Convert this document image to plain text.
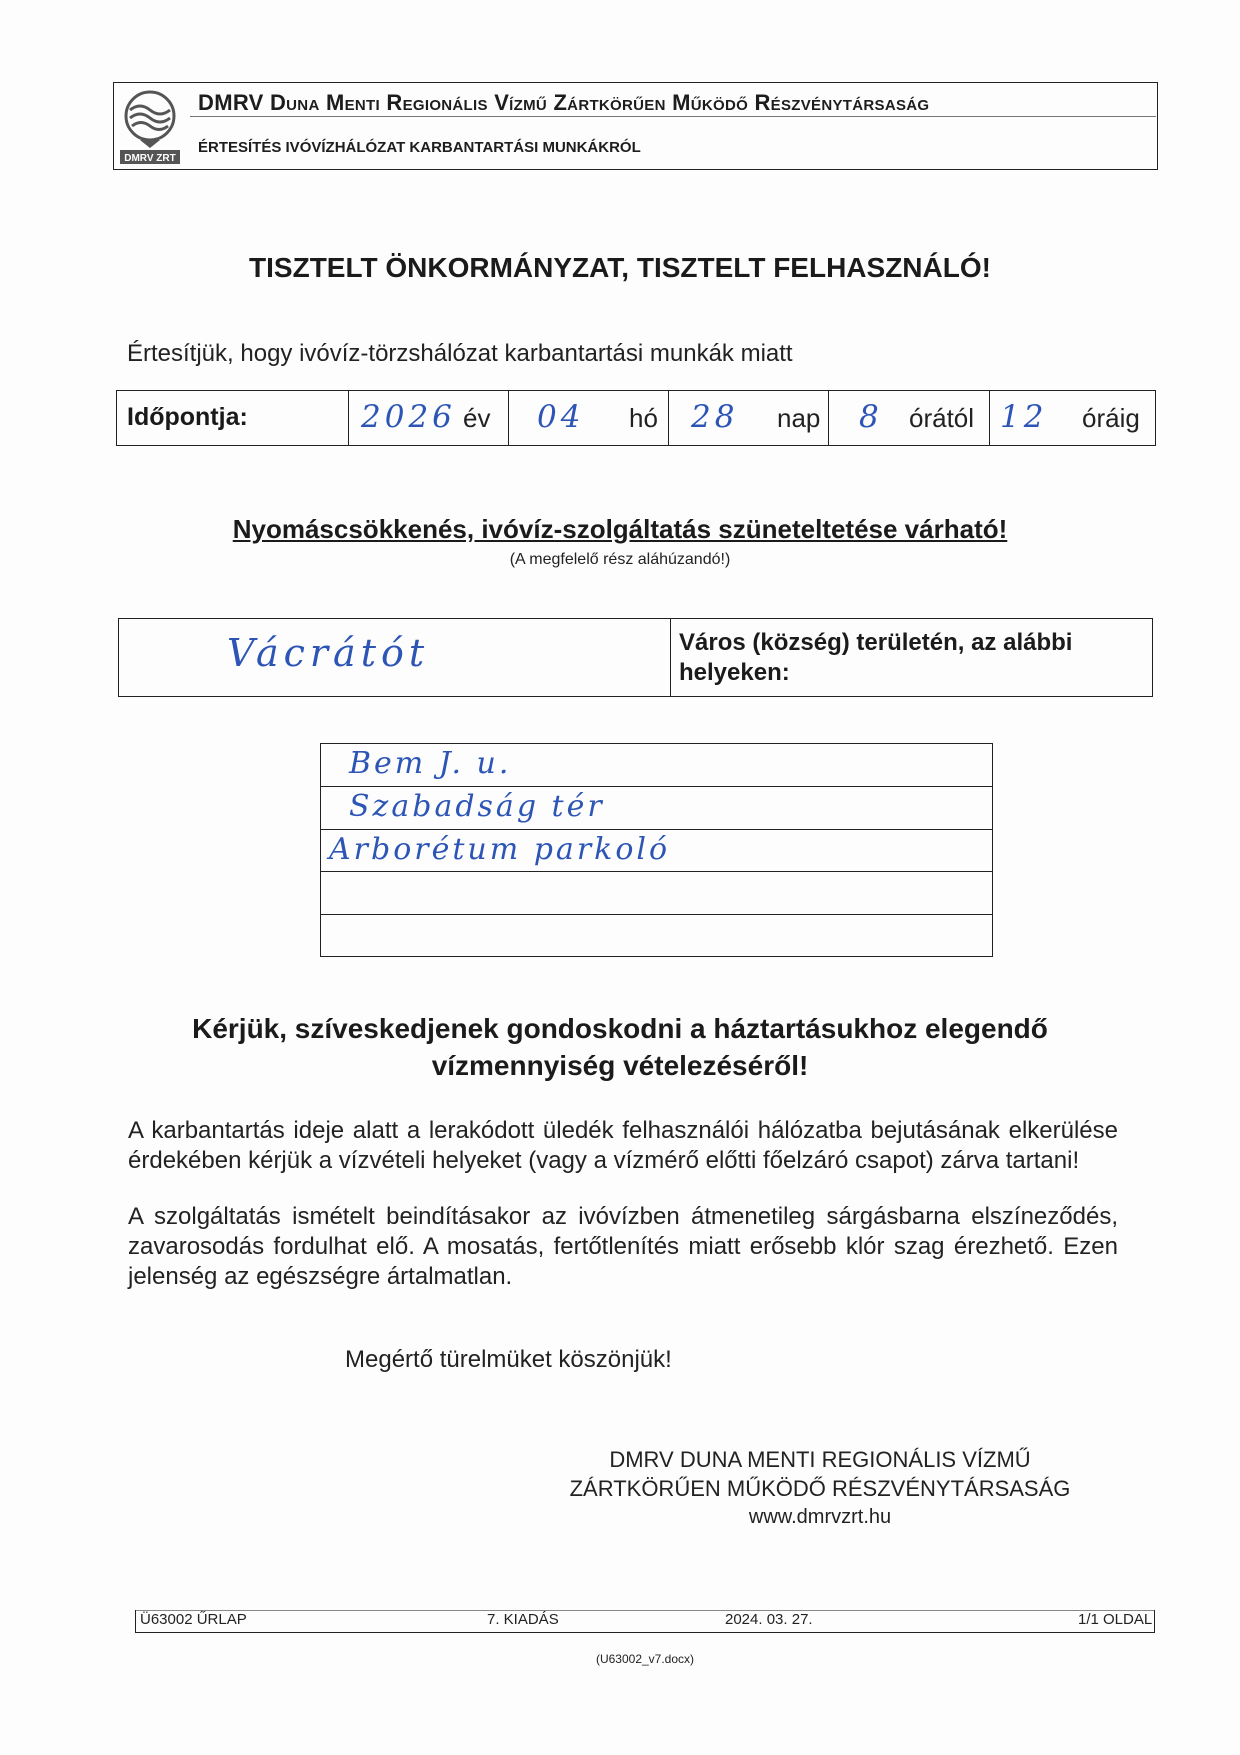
DMRV ZRT
DMRV Duna Menti Regionális Vízmű Zártkörűen Működő Részvénytársaság
ÉRTESÍTÉS IVÓVÍZHÁLÓZAT KARBANTARTÁSI MUNKÁKRÓL
TISZTELT ÖNKORMÁNYZAT, TISZTELT FELHASZNÁLÓ!
Értesítjük, hogy ivóvíz-törzshálózat karbantartási munkák miatt
Időpontja:	2026 év 04 hó 28 nap 8 órától 12 óráig
Nyomáscsökkenés, ivóvíz-szolgáltatás szüneteltetése várható!
(A megfelelő rész aláhúzandó!)
Vácrátót	Város (község) területén, az alábbi helyeken:
Bem J. u.
Szabadság tér
Arborétum parkoló
Kérjük, szíveskedjenek gondoskodni a háztartásukhoz elegendő vízmennyiség vételezéséről!
A karbantartás ideje alatt a lerakódott üledék felhasználói hálózatba bejutásának elkerülése érdekében kérjük a vízvételi helyeket (vagy a vízmérő előtti főelzáró csapot) zárva tartani!
A szolgáltatás ismételt beindításakor az ivóvízben átmenetileg sárgásbarna elszíneződés, zavarosodás fordulhat elő. A mosatás, fertőtlenítés miatt erősebb klór szag érezhető. Ezen jelenség az egészségre ártalmatlan.
Megértő türelmüket köszönjük!
DMRV DUNA MENTI REGIONÁLIS VÍZMŰ
ZÁRTKÖRŰEN MŰKÖDŐ RÉSZVÉNYTÁRSASÁG
www.dmrvzrt.hu
Ü63002 ŰRLAP	7. KIADÁS	2024. 03. 27.	1/1 OLDAL
(U63002_v7.docx)
